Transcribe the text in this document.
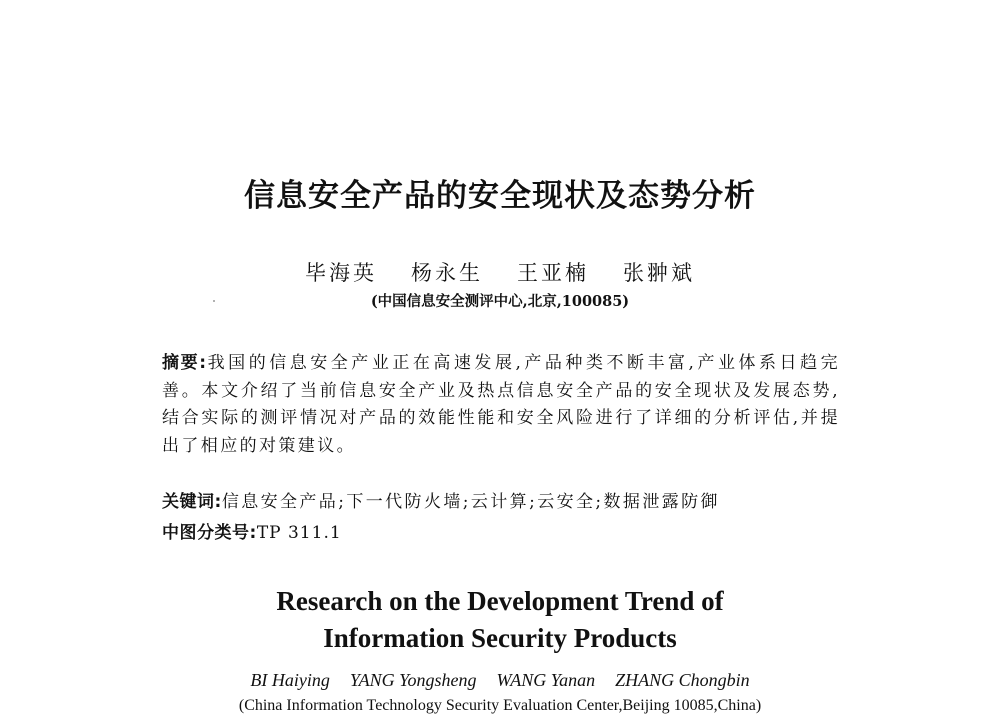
信息安全产品的安全现状及态势分析
毕海英 杨永生 王亚楠 张翀斌
(中国信息安全测评中心,北京,100085)
摘要:我国的信息安全产业正在高速发展,产品种类不断丰富,产业体系日趋完善。本文介绍了当前信息安全产业及热点信息安全产品的安全现状及发展态势,结合实际的测评情况对产品的效能性能和安全风险进行了详细的分析评估,并提出了相应的对策建议。
关键词:信息安全产品;下一代防火墙;云计算;云安全;数据泄露防御
中图分类号:TP 311.1
Research on the Development Trend of
Information Security Products
BI Haiying YANG Yongsheng WANG Yanan ZHANG Chongbin
(China Information Technology Security Evaluation Center,Beijing 10085,China)
